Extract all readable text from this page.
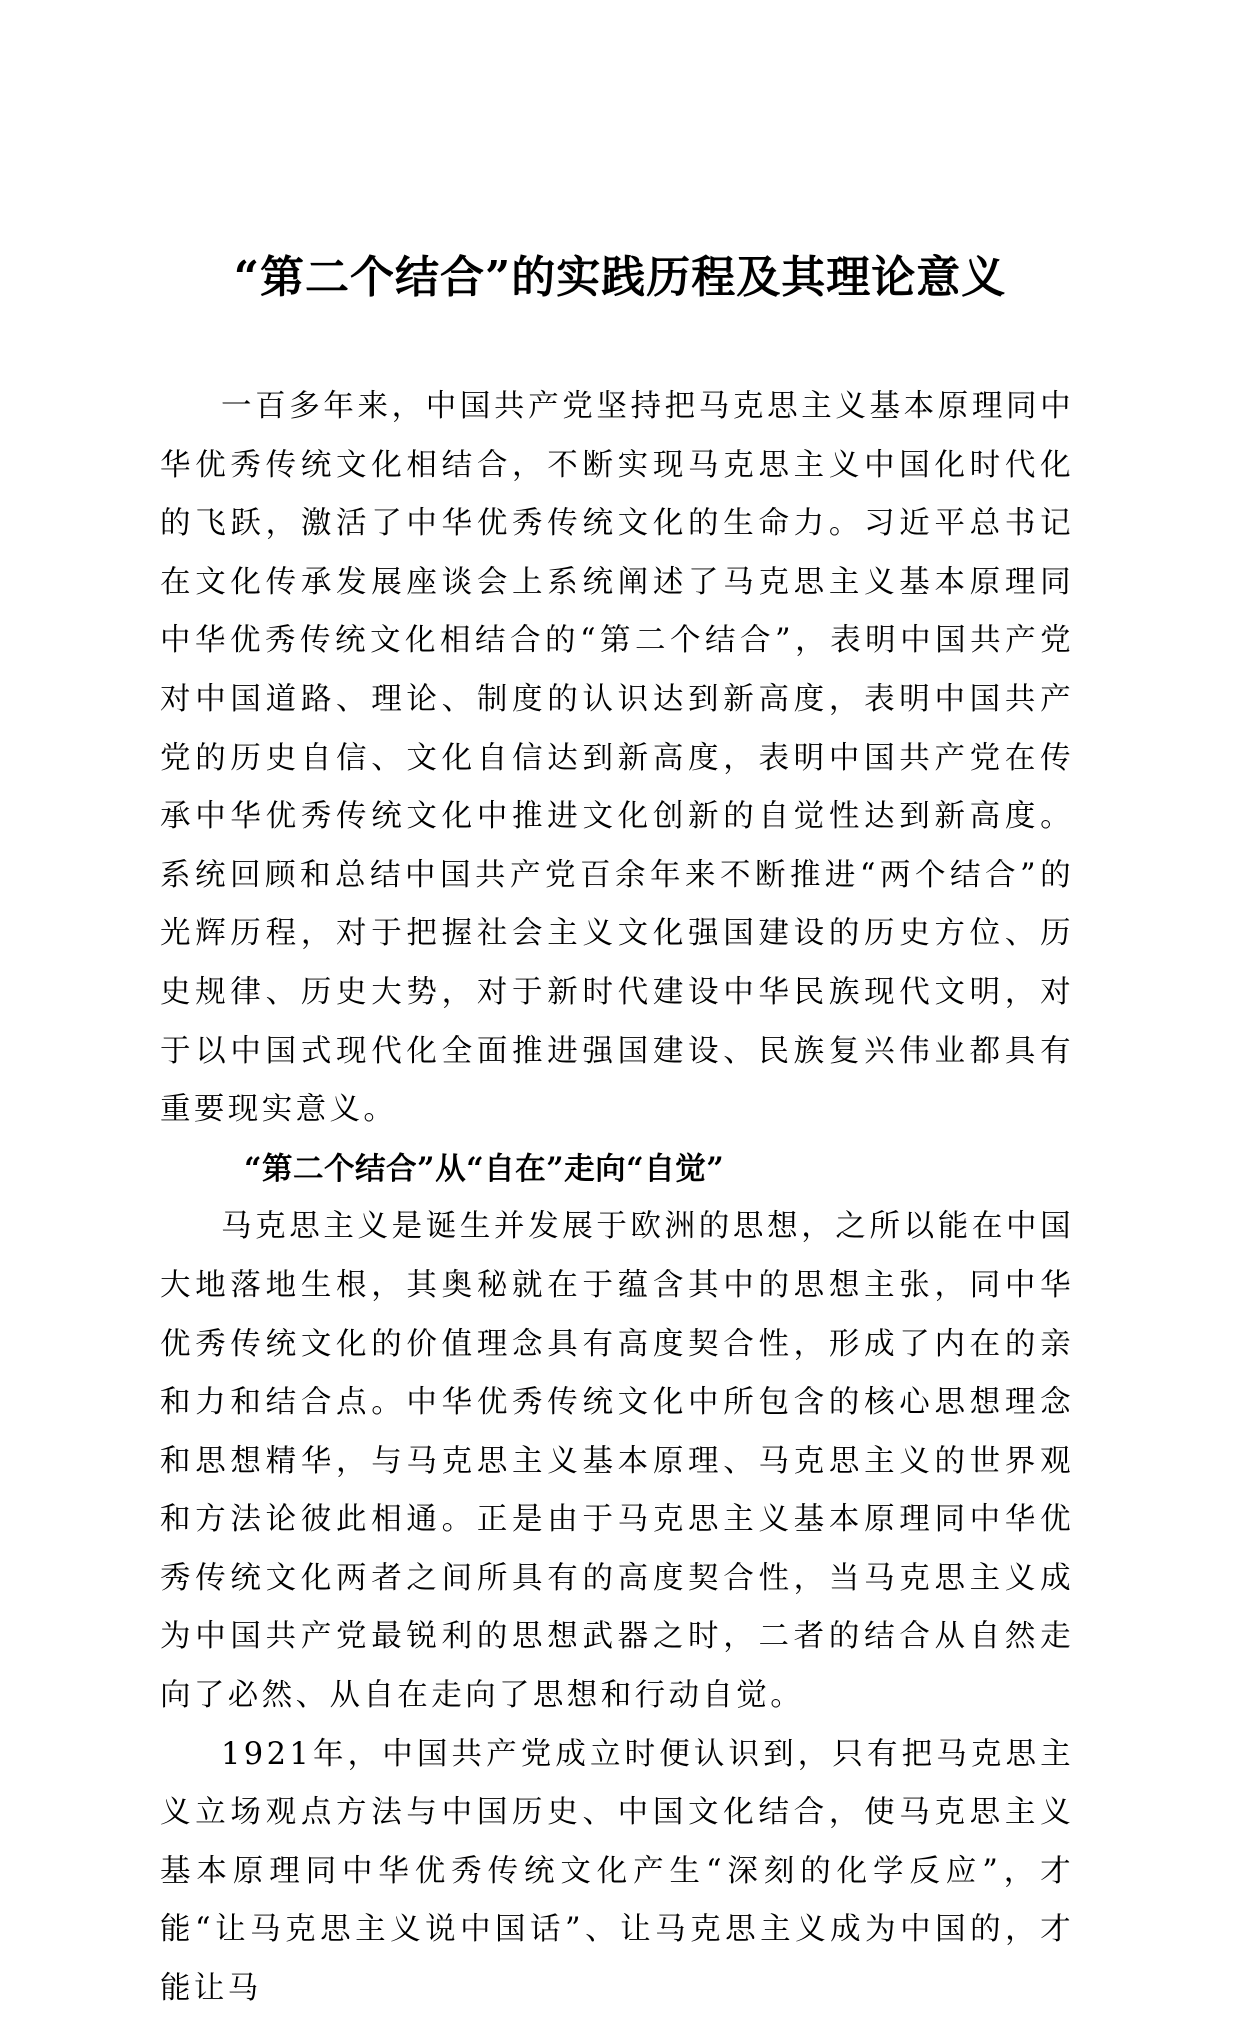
“第二个结合”的实践历程及其理论意义

一百多年来，中国共产党坚持把马克思主义基本原理同中华优秀传统文化相结合，不断实现马克思主义中国化时代化的飞跃，激活了中华优秀传统文化的生命力。习近平总书记在文化传承发展座谈会上系统阐述了马克思主义基本原理同中华优秀传统文化相结合的“第二个结合”，表明中国共产党对中国道路、理论、制度的认识达到新高度，表明中国共产党的历史自信、文化自信达到新高度，表明中国共产党在传承中华优秀传统文化中推进文化创新的自觉性达到新高度。系统回顾和总结中国共产党百余年来不断推进“两个结合”的光辉历程，对于把握社会主义文化强国建设的历史方位、历史规律、历史大势，对于新时代建设中华民族现代文明，对于以中国式现代化全面推进强国建设、民族复兴伟业都具有重要现实意义。

“第二个结合”从“自在”走向“自觉”

马克思主义是诞生并发展于欧洲的思想，之所以能在中国大地落地生根，其奥秘就在于蕴含其中的思想主张，同中华优秀传统文化的价值理念具有高度契合性，形成了内在的亲和力和结合点。中华优秀传统文化中所包含的核心思想理念和思想精华，与马克思主义基本原理、马克思主义的世界观和方法论彼此相通。正是由于马克思主义基本原理同中华优秀传统文化两者之间所具有的高度契合性，当马克思主义成为中国共产党最锐利的思想武器之时，二者的结合从自然走向了必然、从自在走向了思想和行动自觉。

1921年，中国共产党成立时便认识到，只有把马克思主义立场观点方法与中国历史、中国文化结合，使马克思主义基本原理同中华优秀传统文化产生“深刻的化学反应”，才能“让马克思主义说中国话”、让马克思主义成为中国的，才能让马
